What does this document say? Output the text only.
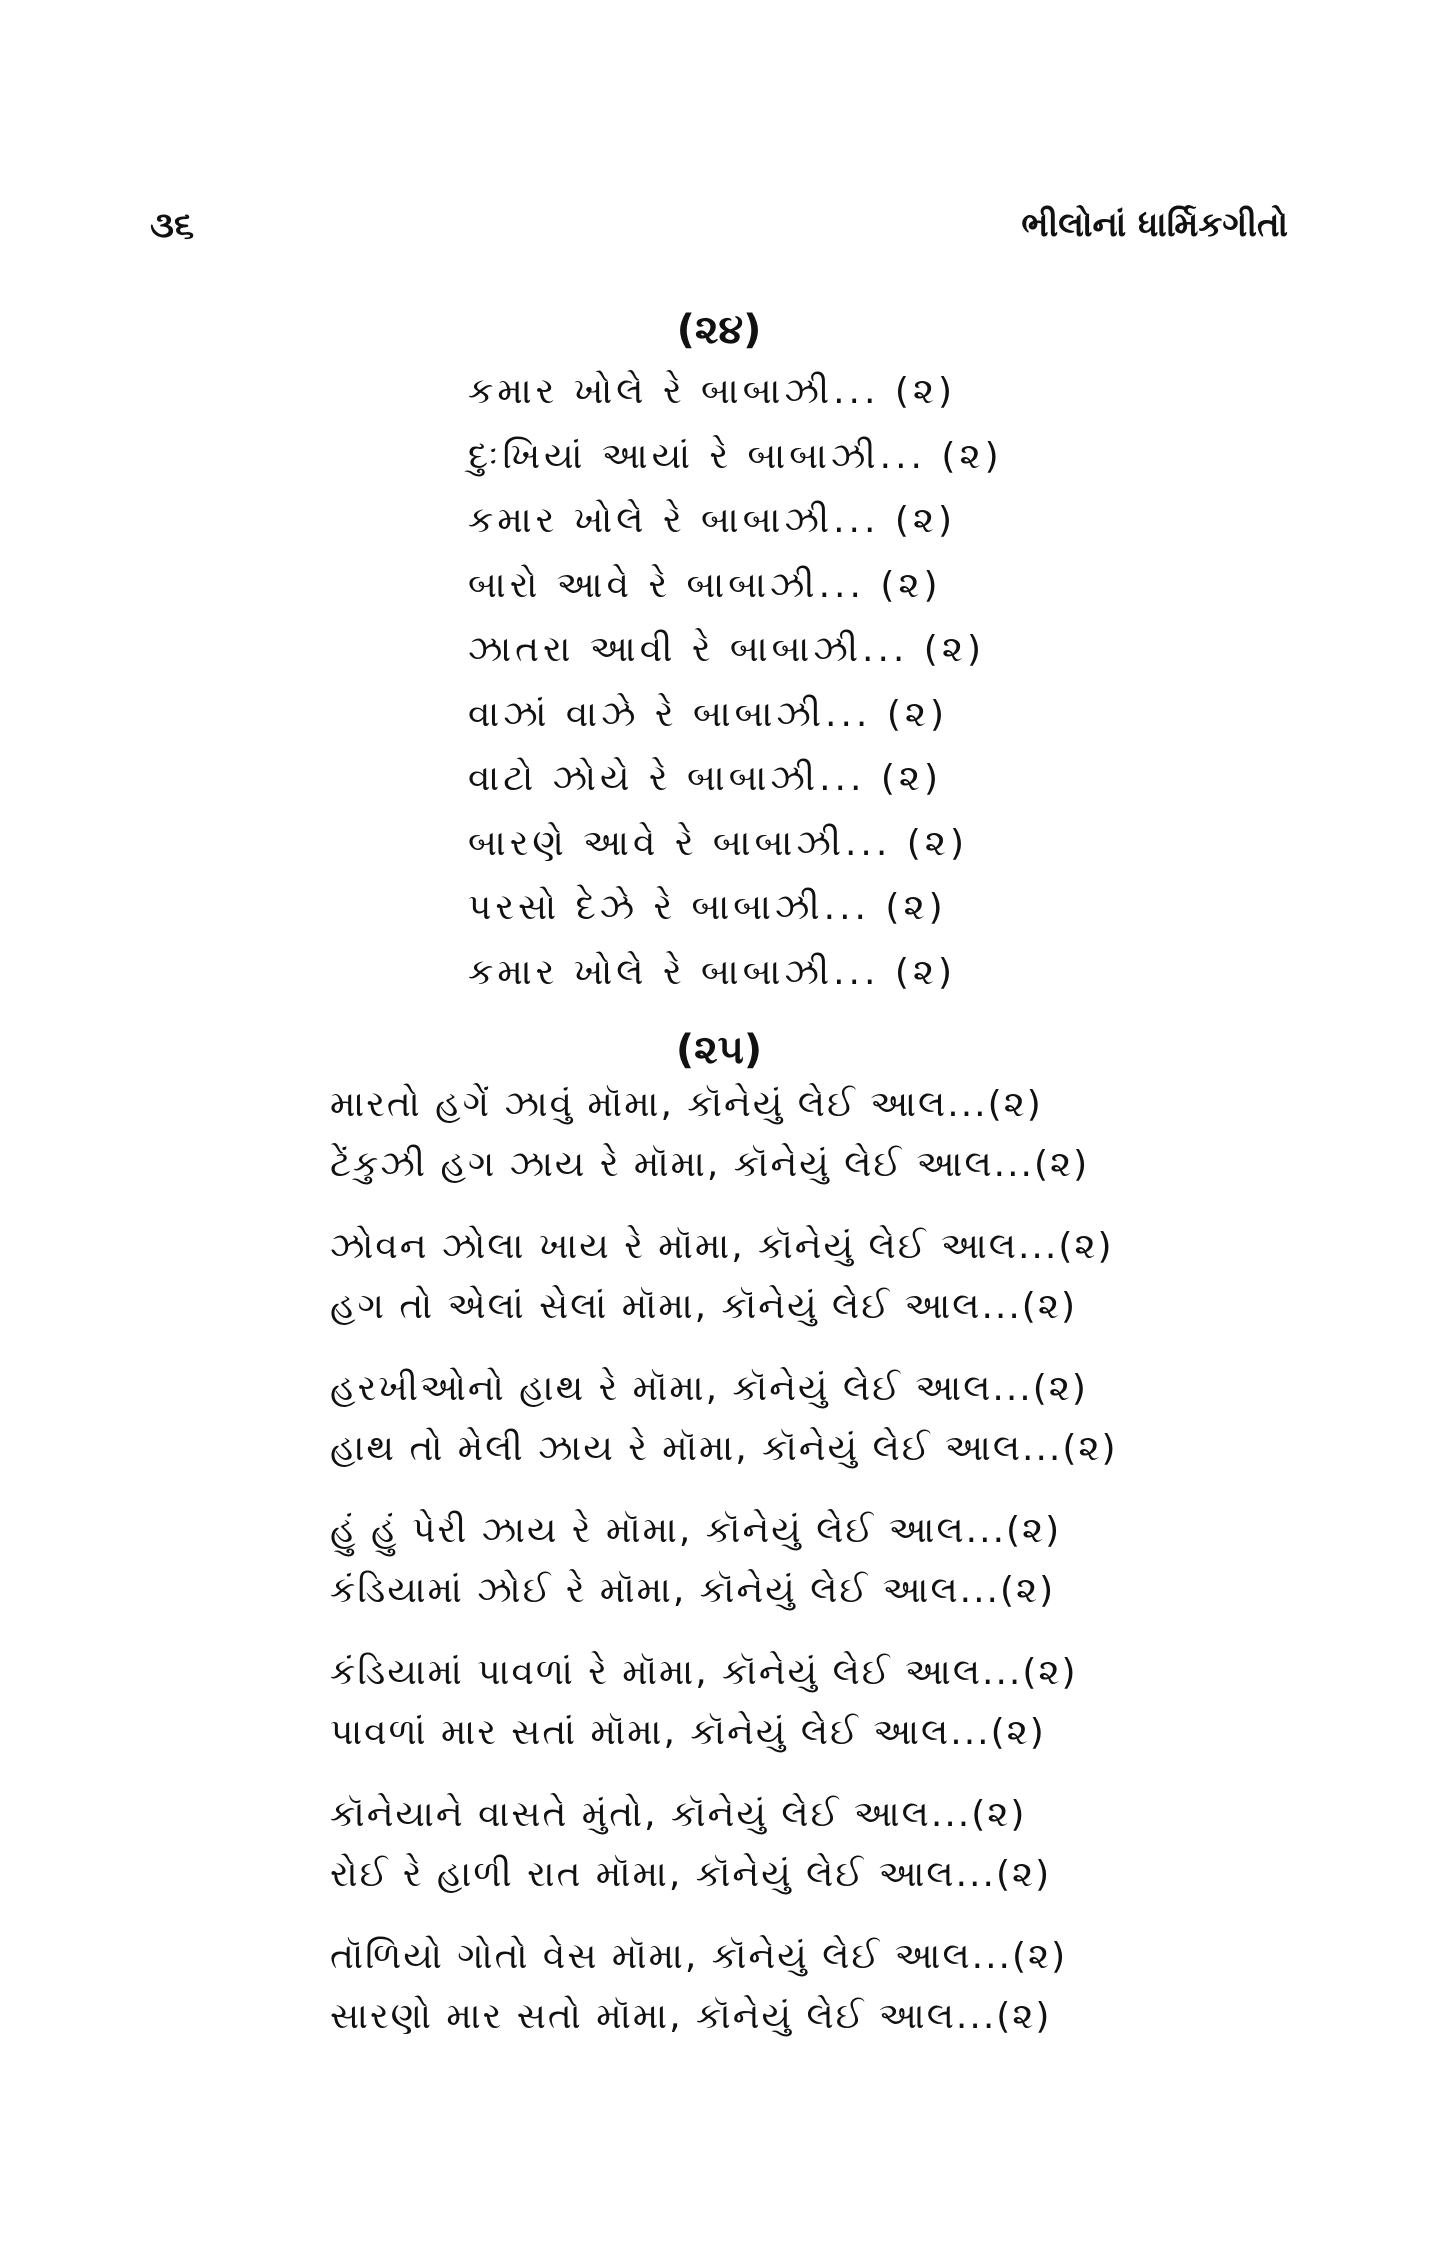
૩૬	ભીલોનાં ધાર્મિકગીતો
(૨૪)
કમાર ખોલે રે બાબાઝી... (૨)
દુઃખિયાં આયાં રે બાબાઝી... (૨)
કમાર ખોલે રે બાબાઝી... (૨)
બારો આવે રે બાબાઝી... (૨)
ઝાતરા આવી રે બાબાઝી... (૨)
વાઝાં વાઝે રે બાબાઝી... (૨)
વાટો ઝોયે રે બાબાઝી... (૨)
બારણે આવે રે બાબાઝી... (૨)
પરસો દેઝે રે બાબાઝી... (૨)
કમાર ખોલે રે બાબાઝી... (૨)
(૨૫)
મારતો હગેં ઝાવું મૉમા, કૉનેયું લેઈ આલ...(૨)
ટેંકુઝી હગ ઝાય રે મૉમા, કૉનેયું લેઈ આલ...(૨)
ઝોવન ઝોલા ખાય રે મૉમા, કૉનેયું લેઈ આલ...(૨)
હગ તો એલાં સેલાં મૉમા, કૉનેયું લેઈ આલ...(૨)
હરખીઓનો હાથ રે મૉમા, કૉનેયું લેઈ આલ...(૨)
હાથ તો મેલી ઝાય રે મૉમા, કૉનેયું લેઈ આલ...(૨)
હું હું પેરી ઝાય રે મૉમા, કૉનેયું લેઈ આલ...(૨)
કંડિયામાં ઝોઈ રે મૉમા, કૉનેયું લેઈ આલ...(૨)
કંડિયામાં પાવળાં રે મૉમા, કૉનેયું લેઈ આલ...(૨)
પાવળાં માર સતાં મૉમા, કૉનેયું લેઈ આલ...(૨)
કૉનેયાને વાસતે મુંતો, કૉનેયું લેઈ આલ...(૨)
રોઈ રે હાળી રાત મૉમા, કૉનેયું લેઈ આલ...(૨)
તૉળિયો ગોતો વેસ મૉમા, કૉનેયું લેઈ આલ...(૨)
સારણો માર સતો મૉમા, કૉનેયું લેઈ આલ...(૨)
